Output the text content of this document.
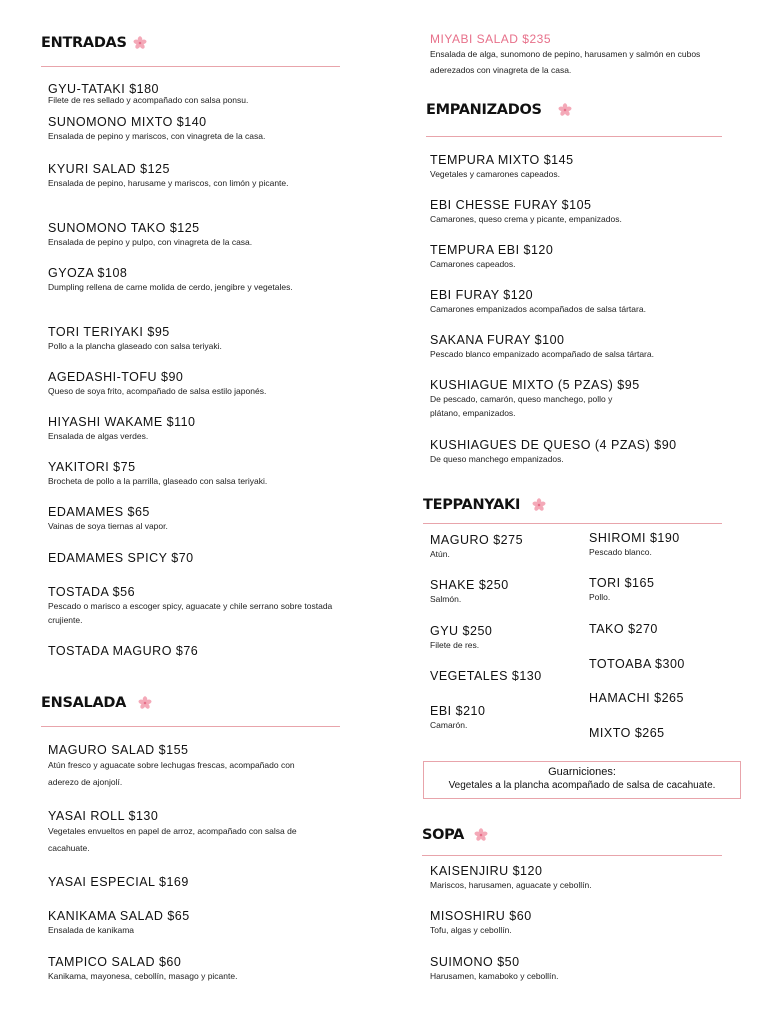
ENTRADAS
GYU-TATAKI $180
Filete de res sellado y acompañado con salsa ponsu.
SUNOMONO MIXTO $140
Ensalada de pepino y mariscos, con vinagreta de la casa.
KYURI SALAD $125
Ensalada de pepino, harusame y mariscos, con limón y picante.
SUNOMONO TAKO $125
Ensalada de pepino y pulpo, con vinagreta de la casa.
GYOZA $108
Dumpling rellena de carne molida de cerdo, jengibre y vegetales.
TORI TERIYAKI $95
Pollo a la plancha glaseado con salsa teriyaki.
AGEDASHI-TOFU $90
Queso de soya frito, acompañado de salsa estilo japonés.
HIYASHI WAKAME $110
Ensalada de algas verdes.
YAKITORI $75
Brocheta de pollo a la parrilla, glaseado con salsa teriyaki.
EDAMAMES $65
Vainas de soya tiernas al vapor.
EDAMAMES SPICY $70
TOSTADA $56
Pescado o marisco a escoger spicy, aguacate y chile serrano sobre tostada crujiente.
TOSTADA MAGURO $76
ENSALADA
MAGURO SALAD $155
Atún fresco y aguacate sobre lechugas frescas, acompañado con aderezo de ajonjolí.
YASAI ROLL $130
Vegetales envueltos en papel de arroz, acompañado con salsa de cacahuate.
YASAI ESPECIAL $169
KANIKAMA SALAD $65
Ensalada de kanikama
TAMPICO SALAD $60
Kanikama, mayonesa, cebollín, masago y picante.
MIYABI SALAD $235
Ensalada de alga, sunomono de pepino, harusamen y salmón en cubos aderezados con vinagreta de la casa.
EMPANIZADOS
TEMPURA MIXTO $145
Vegetales y camarones capeados.
EBI CHESSE FURAY $105
Camarones, queso crema y picante, empanizados.
TEMPURA EBI $120
Camarones capeados.
EBI FURAY $120
Camarones empanizados acompañados de salsa tártara.
SAKANA FURAY $100
Pescado blanco empanizado acompañado de salsa tártara.
KUSHIAGUE MIXTO (5 PZAS) $95
De pescado, camarón, queso manchego, pollo y plátano, empanizados.
KUSHIAGUES DE QUESO (4 PZAS) $90
De queso manchego empanizados.
TEPPANYAKI
MAGURO $275
Atún.
SHAKE $250
Salmón.
GYU $250
Filete de res.
VEGETALES $130
EBI $210
Camarón.
SHIROMI $190
Pescado blanco.
TORI $165
Pollo.
TAKO $270
TOTOABA $300
HAMACHI $265
MIXTO $265
Guarniciones:
Vegetales a la plancha acompañado de salsa de cacahuate.
SOPA
KAISENJIRU $120
Mariscos, harusamen, aguacate y cebollín.
MISOSHIRU $60
Tofu, algas y cebollín.
SUIMONO $50
Harusamen, kamaboko y cebollín.
